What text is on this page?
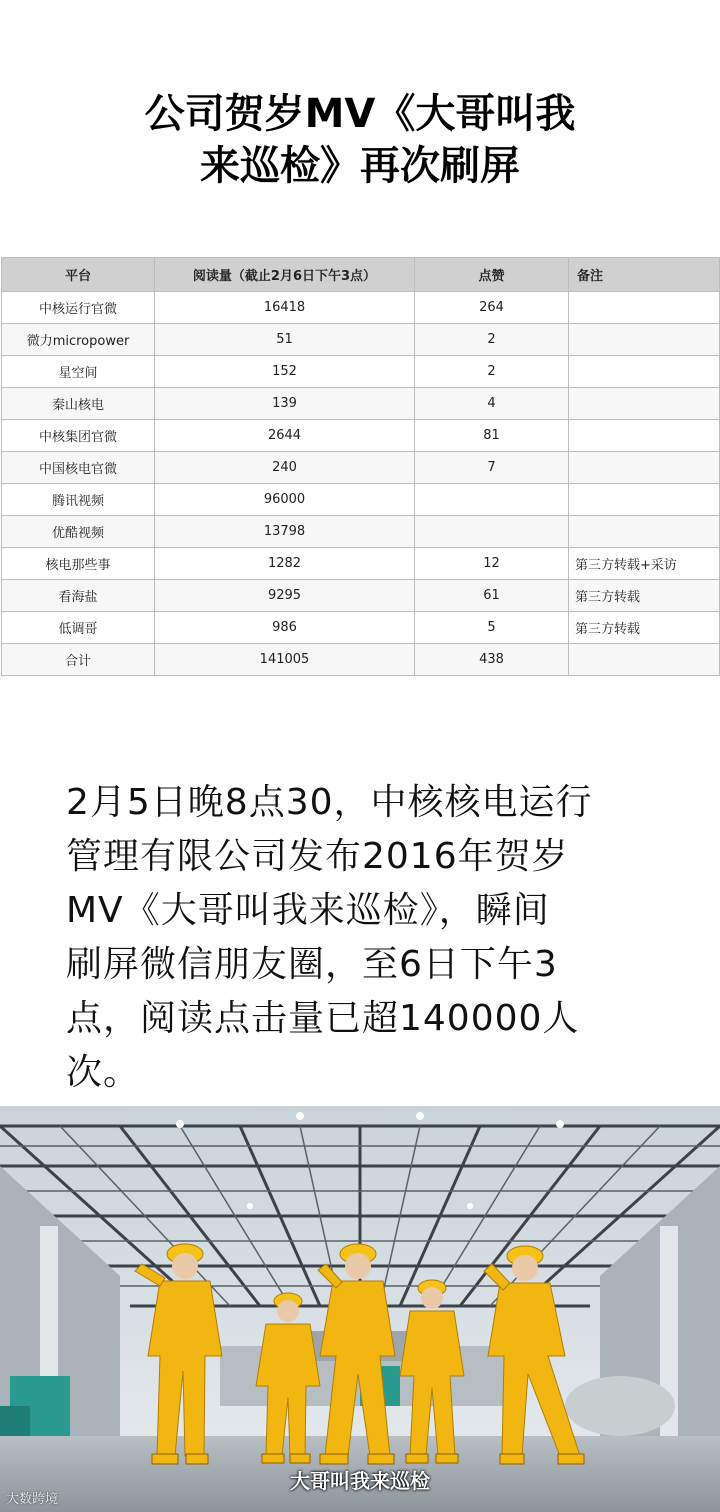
公司贺岁MV《大哥叫我
来巡检》再次刷屏
平台	阅读量（截止2月6日下午3点）	点赞	备注
中核运行官微	16418	264	
微力micropower	51	2	
星空间	152	2	
秦山核电	139	4	
中核集团官微	2644	81	
中国核电官微	240	7	
腾讯视频	96000		
优酷视频	13798		
核电那些事	1282	12	第三方转载+采访
看海盐	9295	61	第三方转载
低调哥	986	5	第三方转载
合计	141005	438	
2月5日晚8点30，中核核电运行
管理有限公司发布2016年贺岁
MV《大哥叫我来巡检》，瞬间
刷屏微信朋友圈，至6日下午3
点，阅读点击量已超140000人
次。
大哥叫我来巡检
大数跨境
